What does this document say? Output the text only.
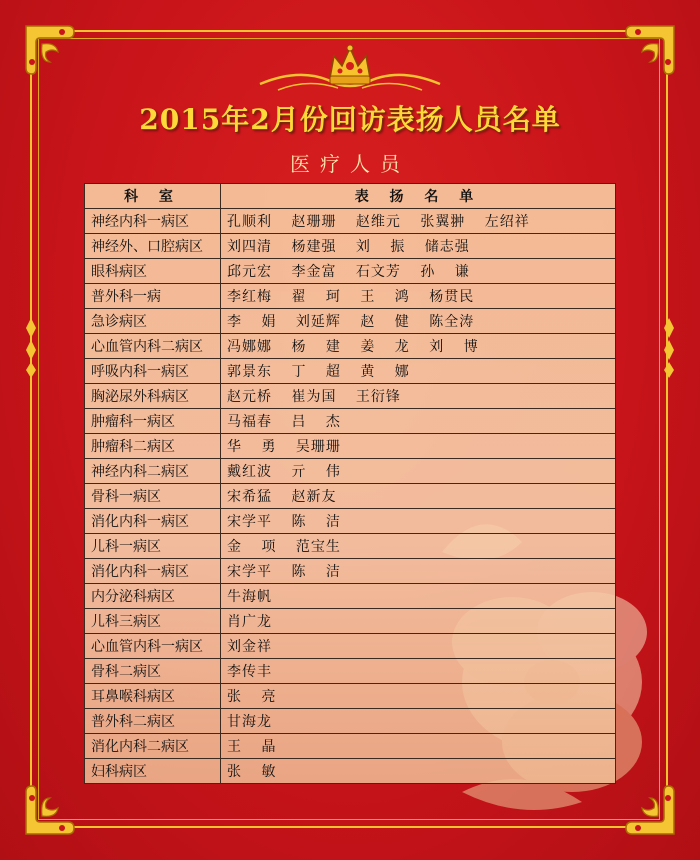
2015年2月份回访表扬人员名单
医疗人员
科 室	表 扬 名 单
神经内科一病区	孔顺利 赵珊珊 赵维元 张翼翀 左绍祥
神经外、口腔病区	刘四清 杨建强 刘 振 储志强
眼科病区	邱元宏 李金富 石文芳 孙 谦
普外科一病	李红梅 翟 珂 王 鸿 杨贯民
急诊病区	李 娟 刘延辉 赵 健 陈全涛
心血管内科二病区	冯娜娜 杨 建 姜 龙 刘 博
呼吸内科一病区	郭景东 丁 超 黄 娜
胸泌尿外科病区	赵元桥 崔为国 王衍锋
肿瘤科一病区	马福春 吕 杰
肿瘤科二病区	华 勇 吴珊珊
神经内科二病区	戴红波 亓 伟
骨科一病区	宋希猛 赵新友
消化内科一病区	宋学平 陈 洁
儿科一病区	金 项 范宝生
消化内科一病区	宋学平 陈 洁
内分泌科病区	牛海帆
儿科三病区	肖广龙
心血管内科一病区	刘金祥
骨科二病区	李传丰
耳鼻喉科病区	张 亮
普外科二病区	甘海龙
消化内科二病区	王 晶
妇科病区	张 敏
